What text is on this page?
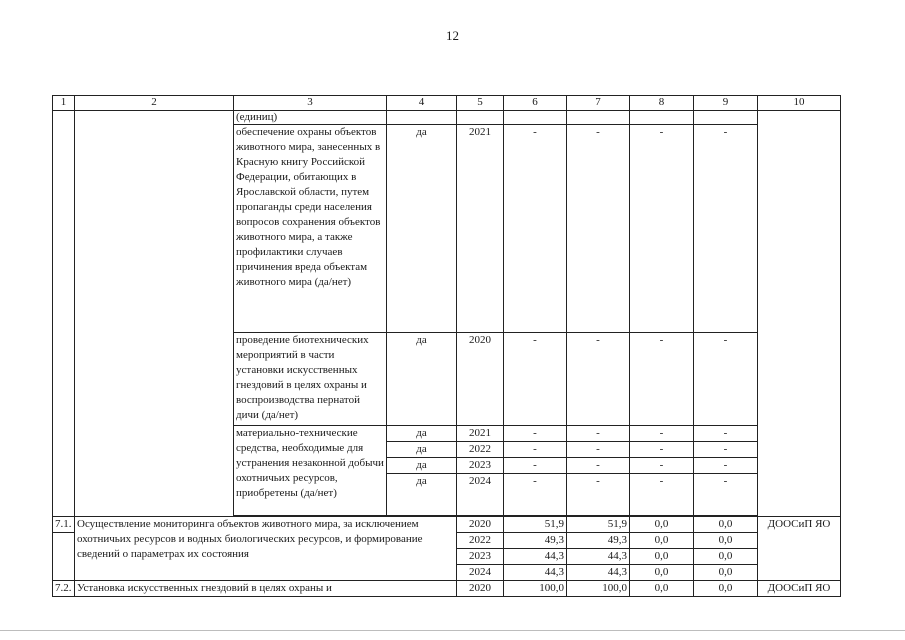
12
1	2	3	4	5	6	7	8	9	10
		(единиц)							
		обеспечение охраны объектов животного мира, занесенных в Красную книгу Российской Федерации, обитающих в Ярославской области, путем пропаганды среди населения вопросов сохранения объектов животного мира, а также профилактики случаев причинения вреда объектам животного мира (да/нет)	да	2021	-	-	-	-	
		проведение биотехнических мероприятий в части установки искусственных гнездовий в целях охраны и воспроизводства пернатой дичи (да/нет)	да	2020	-	-	-	-	
		материально-технические средства, необходимые для устранения незаконной добычи охотничьих ресурсов, приобретены (да/нет)	да	2021	-	-	-	-	
			да	2022	-	-	-	-	
			да	2023	-	-	-	-	
			да	2024	-	-	-	-	

7.1.	Осуществление мониторинга объектов животного мира, за исключением охотничьих ресурсов и водных биологических ресурсов, и формирование сведений о параметрах их состояния			2020	51,9	51,9	0,0	0,0	ДООСиП ЯО
				2022	49,3	49,3	0,0	0,0	
				2023	44,3	44,3	0,0	0,0	
				2024	44,3	44,3	0,0	0,0	
7.2.	Установка искусственных гнездовий в целях охраны и			2020	100,0	100,0	0,0	0,0	ДООСиП ЯО
